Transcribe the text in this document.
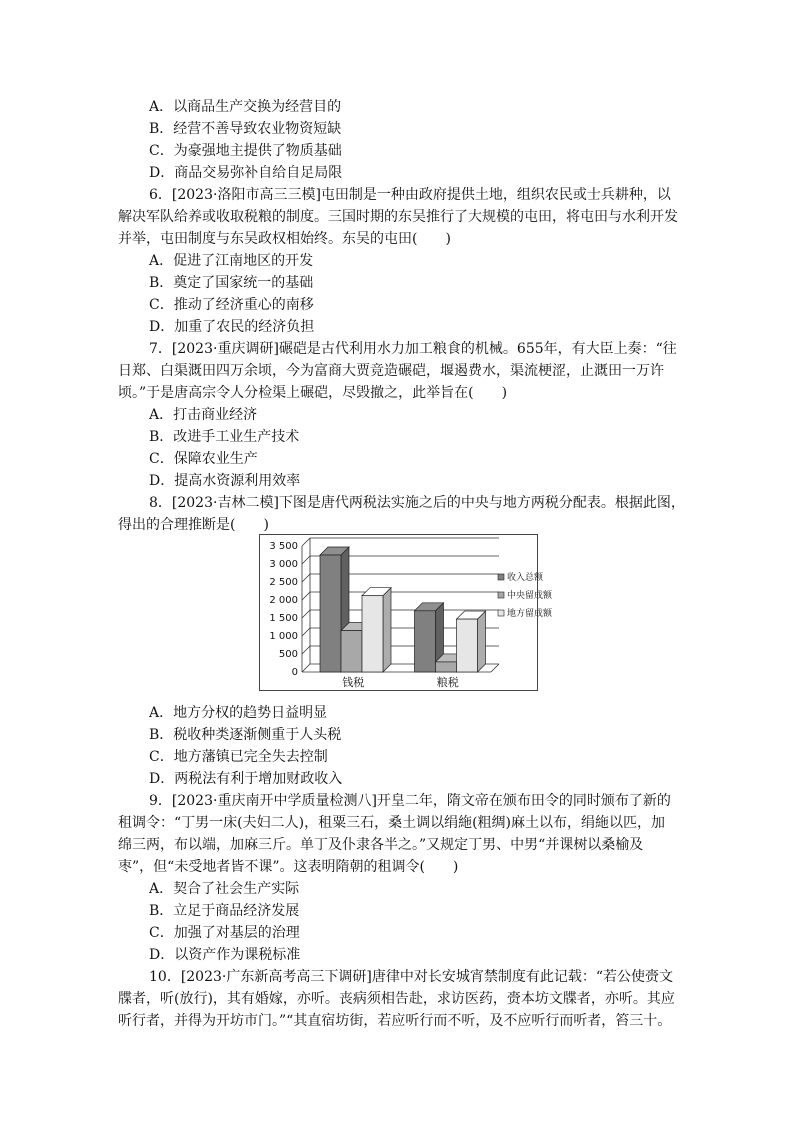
A．以商品生产交换为经营目的
B．经营不善导致农业物资短缺
C．为豪强地主提供了物质基础
D．商品交易弥补自给自足局限
6．[2023·洛阳市高三三模]屯田制是一种由政府提供土地，组织农民或士兵耕种，以
解决军队给养或收取税粮的制度。三国时期的东吴推行了大规模的屯田，将屯田与水利开发
并举，屯田制度与东吴政权相始终。东吴的屯田(　　)
A．促进了江南地区的开发
B．奠定了国家统一的基础
C．推动了经济重心的南移
D．加重了农民的经济负担
7．[2023·重庆调研]碾硙是古代利用水力加工粮食的机械。655年，有大臣上奏：“往
日郑、白渠溉田四万余顷，今为富商大贾竞造碾硙，堰遏费水，渠流梗涩，止溉田一万许
顷。”于是唐高宗令人分检渠上碾硙，尽毁撤之，此举旨在(　　)
A．打击商业经济
B．改进手工业生产技术
C．保障农业生产
D．提高水资源利用效率
8．[2023·吉林二模]下图是唐代两税法实施之后的中央与地方两税分配表。根据此图，
得出的合理推断是(　　)
0
500
1 000
1 500
2 000
2 500
3 000
3 500
钱税	粮税
收入总额
中央留成额
地方留成额
A．地方分权的趋势日益明显
B．税收种类逐渐侧重于人头税
C．地方藩镇已完全失去控制
D．两税法有利于增加财政收入
9．[2023·重庆南开中学质量检测八]开皇二年，隋文帝在颁布田令的同时颁布了新的
租调令：“丁男一床(夫妇二人)，租粟三石，桑土调以绢絁(粗绸)麻土以布，绢絁以匹，加
绵三两，布以端，加麻三斤。单丁及仆隶各半之。”又规定丁男、中男“并课树以桑榆及
枣”，但“未受地者皆不课”。这表明隋朝的租调令(　　)
A．契合了社会生产实际
B．立足于商品经济发展
C．加强了对基层的治理
D．以资产作为课税标准
10．[2023·广东新高考高三下调研]唐律中对长安城宵禁制度有此记载：“若公使赍文
牒者，听(放行)，其有婚嫁，亦听。丧病须相告赴，求访医药，赍本坊文牒者，亦听。其应
听行者，并得为开坊市门。”“其直宿坊街，若应听行而不听，及不应听行而听者，笞三十。
